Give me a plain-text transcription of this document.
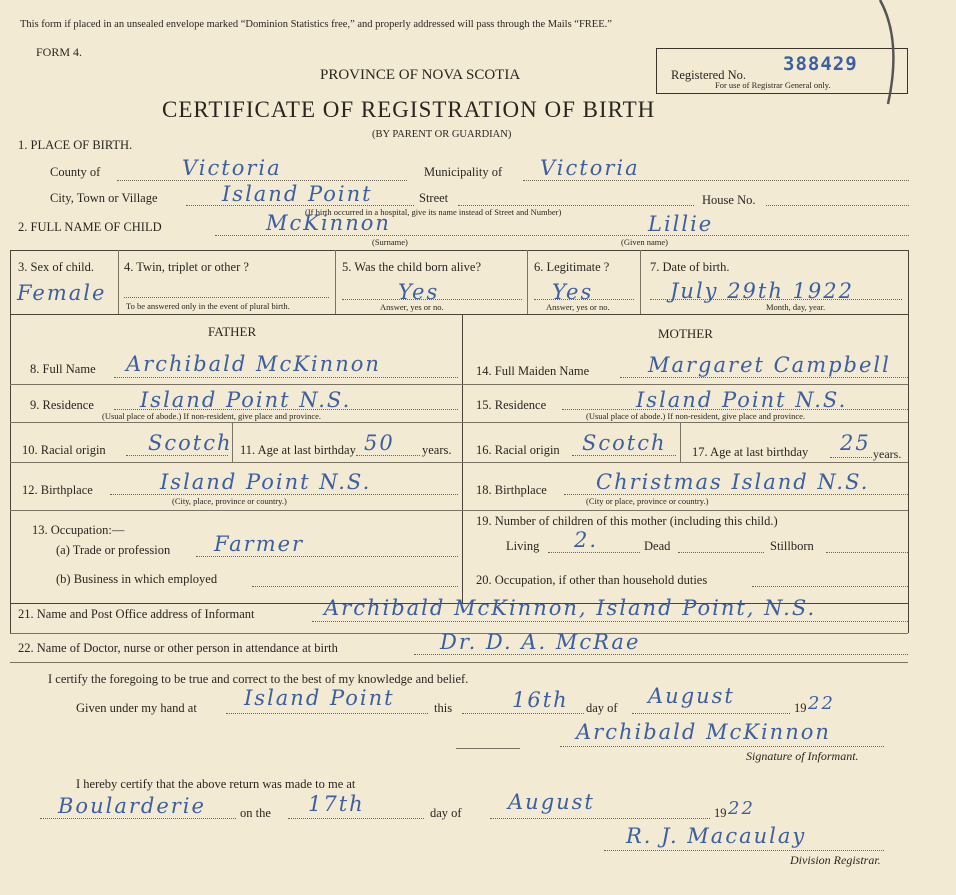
This form if placed in an unsealed envelope marked “Dominion Statistics free,” and properly addressed will pass through the Mails “FREE.”
FORM 4.
PROVINCE OF NOVA SCOTIA
CERTIFICATE OF REGISTRATION OF BIRTH
(BY PARENT OR GUARDIAN)
Registered No. 388429
For use of Registrar General only.
1. PLACE OF BIRTH.
County of	Victoria	Municipality of Victoria
City, Town or Village	Island Point	Street	House No.
(If birth occurred in a hospital, give its name instead of Street and Number)
2. FULL NAME OF CHILD	McKinnon	Lillie
(Surname)	(Given name)
3. Sex of child.
Female
4. Twin, triplet or other ?
To be answered only in the event of plural birth.
5. Was the child born alive?
Yes
Answer, yes or no.
6. Legitimate ?
Yes
Answer, yes or no.
7. Date of birth.
July 29th 1922
Month, day, year.
FATHER	MOTHER
8. Full Name Archibald McKinnon
9. Residence Island Point N.S.
(Usual place of abode.) If non-resident, give place and province.
10. Racial origin Scotch 11. Age at last birthday 50 years.
12. Birthplace	Island Point N.S.
(City, place, province or country.)
13. Occupation:—
(a) Trade or profession Farmer
(b) Business in which employed
14. Full Maiden Name	Margaret Campbell
15. Residence	Island Point N.S.
(Usual place of abode.) If non-resident, give place and province.
16. Racial origin Scotch 17. Age at last birthday 25 years.
18. Birthplace Christmas Island N.S.
(City or place, province or country.)
19. Number of children of this mother (including this child.)
Living 2.	Dead	Stillborn
20. Occupation, if other than household duties
21. Name and Post Office address of Informant	Archibald McKinnon, Island Point, N.S.
22. Name of Doctor, nurse or other person in attendance at birth	Dr. D. A. McRae
I certify the foregoing to be true and correct to the best of my knowledge and belief.
Given under my hand at Island Point	this	16th day of August	19 22
Archibald McKinnon
Signature of Informant.
I hereby certify that the above return was made to me at
Boularderie	on the 17th	day of August	19 22
R. J. Macaulay
Division Registrar.
